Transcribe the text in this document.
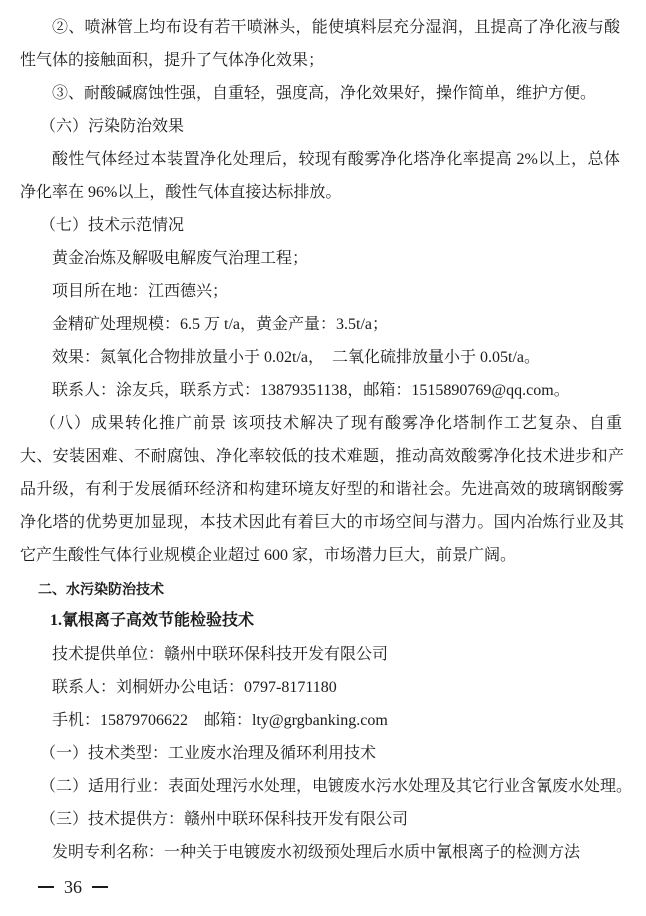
②、喷淋管上均布设有若干喷淋头，能使填料层充分湿润，且提高了净化液与酸
性气体的接触面积，提升了气体净化效果；
③、耐酸碱腐蚀性强，自重轻，强度高，净化效果好，操作简单，维护方便。
（六）污染防治效果
酸性气体经过本装置净化处理后，较现有酸雾净化塔净化率提高 2%以上，总体
净化率在 96%以上，酸性气体直接达标排放。
（七）技术示范情况
黄金冶炼及解吸电解废气治理工程；
项目所在地：江西德兴；
金精矿处理规模：6.5 万 t/a，黄金产量：3.5t/a；
效果：氮氧化合物排放量小于 0.02t/a，  二氧化硫排放量小于 0.05t/a。
联系人：涂友兵，联系方式：13879351138，邮箱：1515890769@qq.com。
（八）成果转化推广前景 该项技术解决了现有酸雾净化塔制作工艺复杂、自重
大、安装困难、不耐腐蚀、净化率较低的技术难题，推动高效酸雾净化技术进步和产
品升级，有利于发展循环经济和构建环境友好型的和谐社会。先进高效的玻璃钢酸雾
净化塔的优势更加显现，本技术因此有着巨大的市场空间与潜力。国内冶炼行业及其
它产生酸性气体行业规模企业超过 600 家，市场潜力巨大，前景广阔。
二、水污染防治技术
1.氰根离子高效节能检验技术
技术提供单位：赣州中联环保科技开发有限公司
联系人：刘桐妍办公电话：0797-8171180
手机：15879706622    邮箱：lty@grgbanking.com
（一）技术类型：工业废水治理及循环利用技术
（二）适用行业：表面处理污水处理，电镀废水污水处理及其它行业含氰废水处理。
（三）技术提供方：赣州中联环保科技开发有限公司
发明专利名称：一种关于电镀废水初级预处理后水质中氰根离子的检测方法
36
